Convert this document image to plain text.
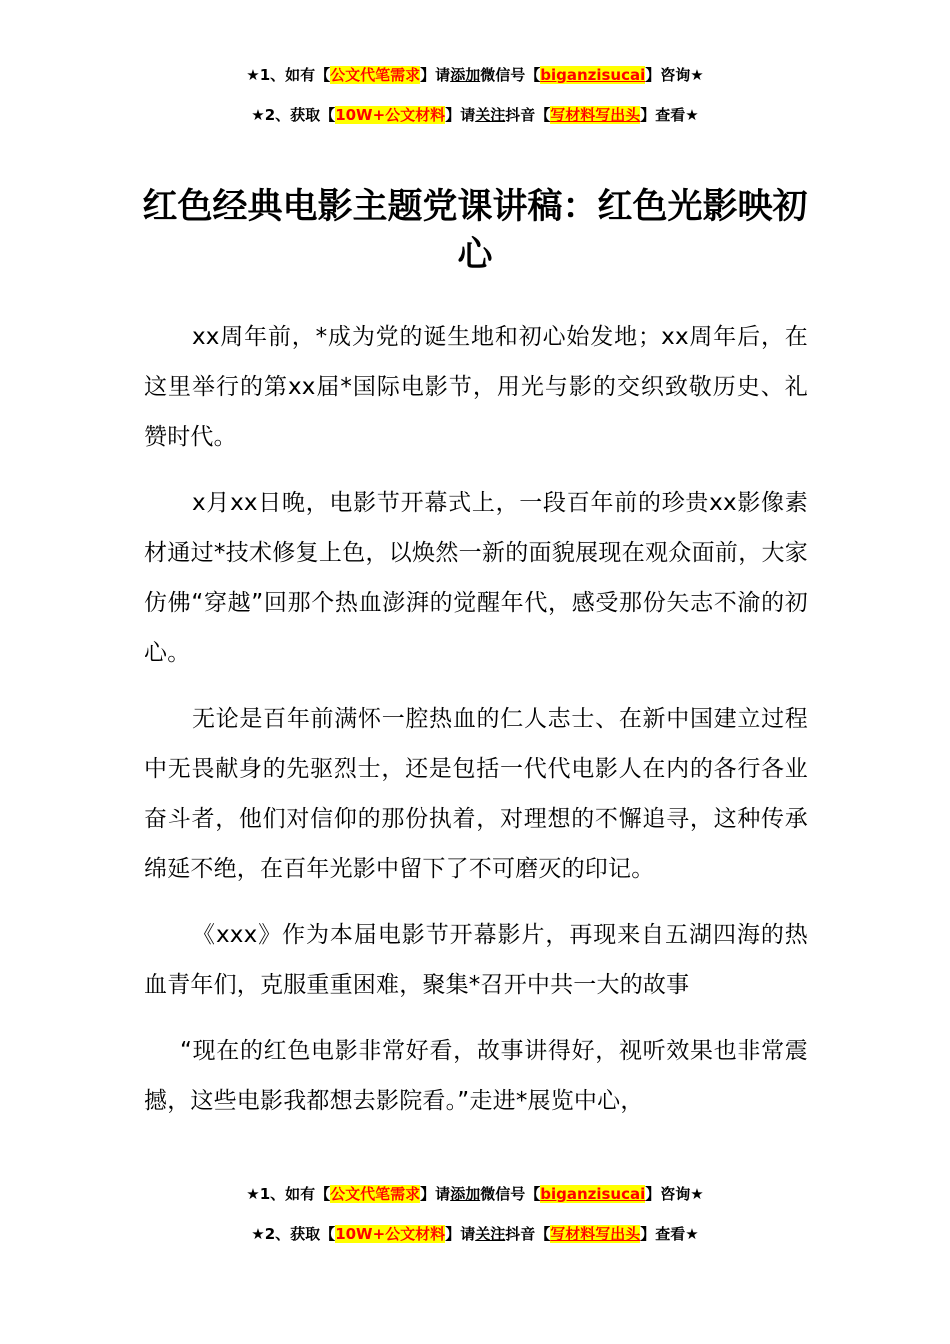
★1、如有【公文代笔需求】请添加微信号【biganzisucai】咨询★
★2、获取【10W+公文材料】请关注抖音【写材料写出头】查看★
红色经典电影主题党课讲稿：红色光影映初心

xx周年前，*成为党的诞生地和初心始发地；xx周年后，在这里举行的第xx届*国际电影节，用光与影的交织致敬历史、礼赞时代。

x月xx日晚，电影节开幕式上，一段百年前的珍贵xx影像素材通过*技术修复上色，以焕然一新的面貌展现在观众面前，大家仿佛“穿越”回那个热血澎湃的觉醒年代，感受那份矢志不渝的初心。

无论是百年前满怀一腔热血的仁人志士、在新中国建立过程中无畏献身的先驱烈士，还是包括一代代电影人在内的各行各业奋斗者，他们对信仰的那份执着，对理想的不懈追寻，这种传承绵延不绝，在百年光影中留下了不可磨灭的印记。

《xxx》作为本届电影节开幕影片，再现来自五湖四海的热血青年们，克服重重困难，聚集*召开中共一大的故事

“现在的红色电影非常好看，故事讲得好，视听效果也非常震撼，这些电影我都想去影院看。”走进*展览中心，

★1、如有【公文代笔需求】请添加微信号【biganzisucai】咨询★
★2、获取【10W+公文材料】请关注抖音【写材料写出头】查看★
